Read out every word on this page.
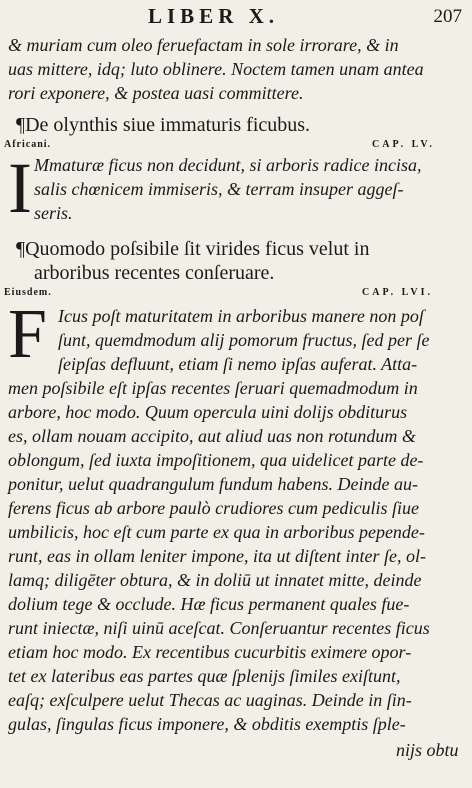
LIBER X.	207
& muriam cum oleo feruefactam in sole irrorare, & in
uas mittere, idq; luto oblinere. Noctem tamen unam antea
rori exponere, & postea uasi committere.
¶De olynthis siue immaturis ficubus.
Africani.	CAP. LV.
I Mmaturæ ficus non decidunt, si arboris radice incisa,
salis chœnicem immiseris, & terram insuper aggeſ-
seris.
¶Quomodo poſsibile ſit virides ficus velut in
arboribus recentes conſeruare.
Eiusdem.	CAP. LVI.
F Icus poſt maturitatem in arboribus manere non poſ
ſunt, quemdmodum alij pomorum fructus, ſed per ſe
ſeipſas defluunt, etiam ſi nemo ipſas auferat. Atta-
men poſsibile eſt ipſas recentes ſeruari quemadmodum in
arbore, hoc modo. Quum opercula uini dolijs obditurus
es, ollam nouam accipito, aut aliud uas non rotundum &
oblongum, ſed iuxta impoſitionem, qua uidelicet parte de-
ponitur, uelut quadrangulum fundum habens. Deinde au-
ferens ficus ab arbore paulò crudiores cum pediculis ſiue
umbilicis, hoc eſt cum parte ex qua in arboribus pepende-
runt, eas in ollam leniter impone, ita ut diſtent inter ſe, ol-
lamq; diligēter obtura, & in doliū ut innatet mitte, deinde
dolium tege & occlude. Hæ ficus permanent quales fue-
runt iniectæ, niſi uinū aceſcat. Conſeruantur recentes ficus
etiam hoc modo. Ex recentibus cucurbitis eximere opor-
tet ex lateribus eas partes quæ ſplenijs ſimiles exiſtunt,
eaſq; exſculpere uelut Thecas ac uaginas. Deinde in ſin-
gulas, ſingulas ficus imponere, & obditis exemptis ſple-
nijs obtu
